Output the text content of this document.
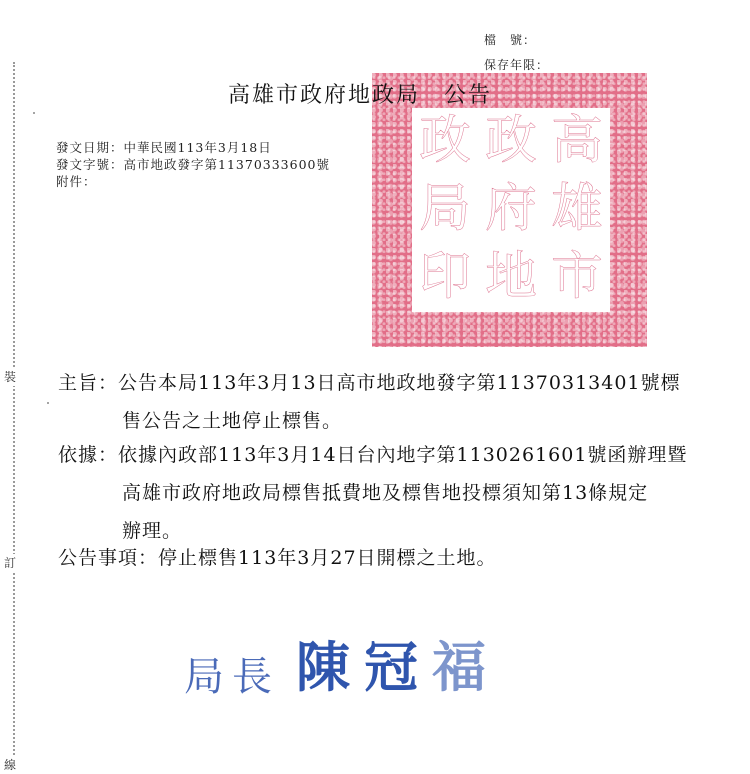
裝
訂
線
檔　號：
保存年限：
高
雄
市
政
府
地
政
局
印
高雄市政府地政局　公告
發文日期：中華民國113年3月18日
發文字號：高市地政發字第11370333600號
附件：
主旨： 公告本局113年3月13日高市地政地發字第11370313401號標
售公告之土地停止標售。
依據： 依據內政部113年3月14日台內地字第1130261601號函辦理暨
高雄市政府地政局標售抵費地及標售地投標須知第13條規定
辦理。
公告事項： 停止標售113年3月27日開標之土地。
局長 陳冠福
